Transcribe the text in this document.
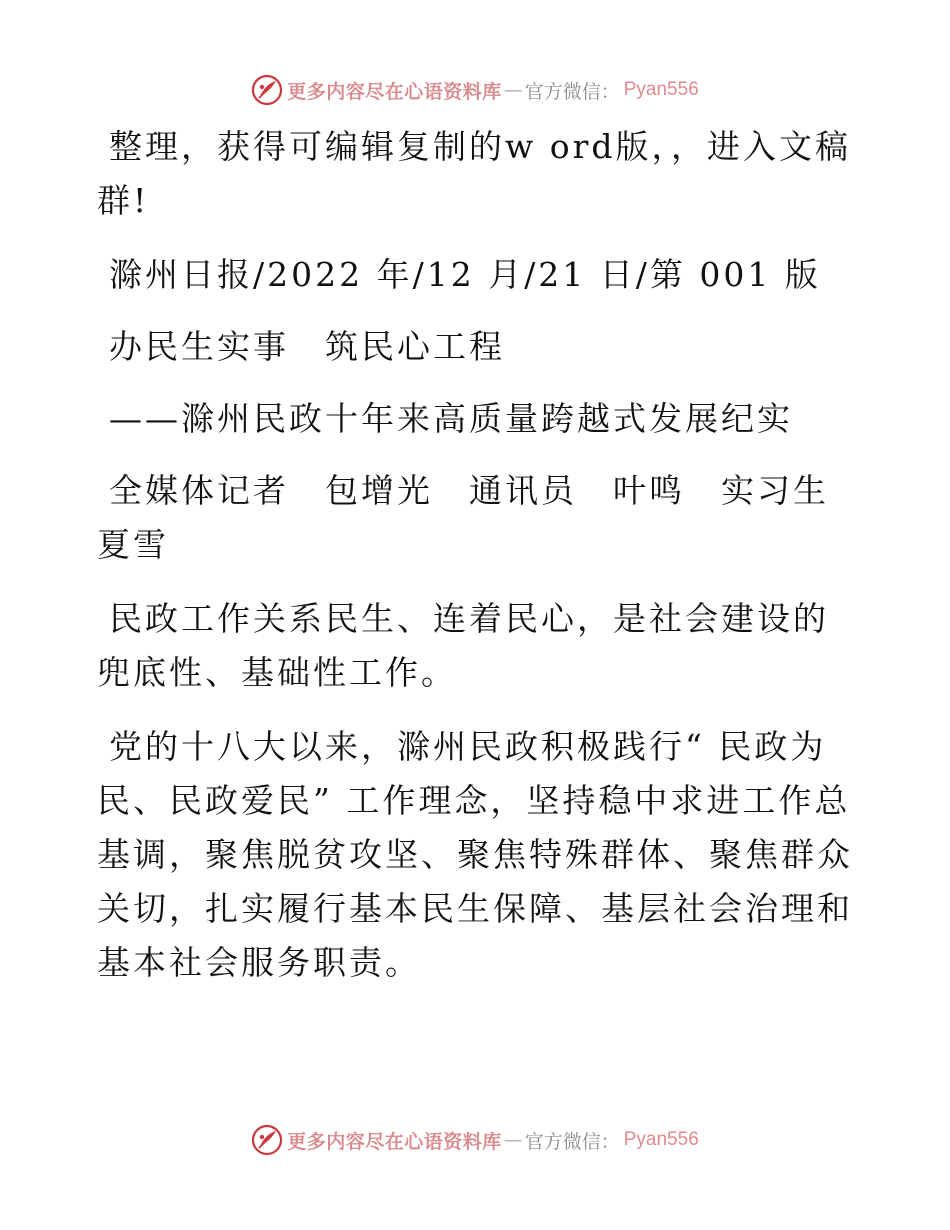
更多内容尽在心语资料库 — 官方微信： Pyan556

整理，获得可编辑复制的w ord版，，进入文稿群!

滁州日报/2022 年/12 月/21 日/第 001 版

办民生实事　筑民心工程

——滁州民政十年来高质量跨越式发展纪实

全媒体记者　包增光　通讯员　叶鸣　实习生　夏雪

民政工作关系民生、连着民心，是社会建设的兜底性、基础性工作。

党的十八大以来，滁州民政积极践行“ 民政为民、民政爱民” 工作理念，坚持稳中求进工作总基调，聚焦脱贫攻坚、聚焦特殊群体、聚焦群众关切，扎实履行基本民生保障、基层社会治理和基本社会服务职责。

更多内容尽在心语资料库 — 官方微信： Pyan556
